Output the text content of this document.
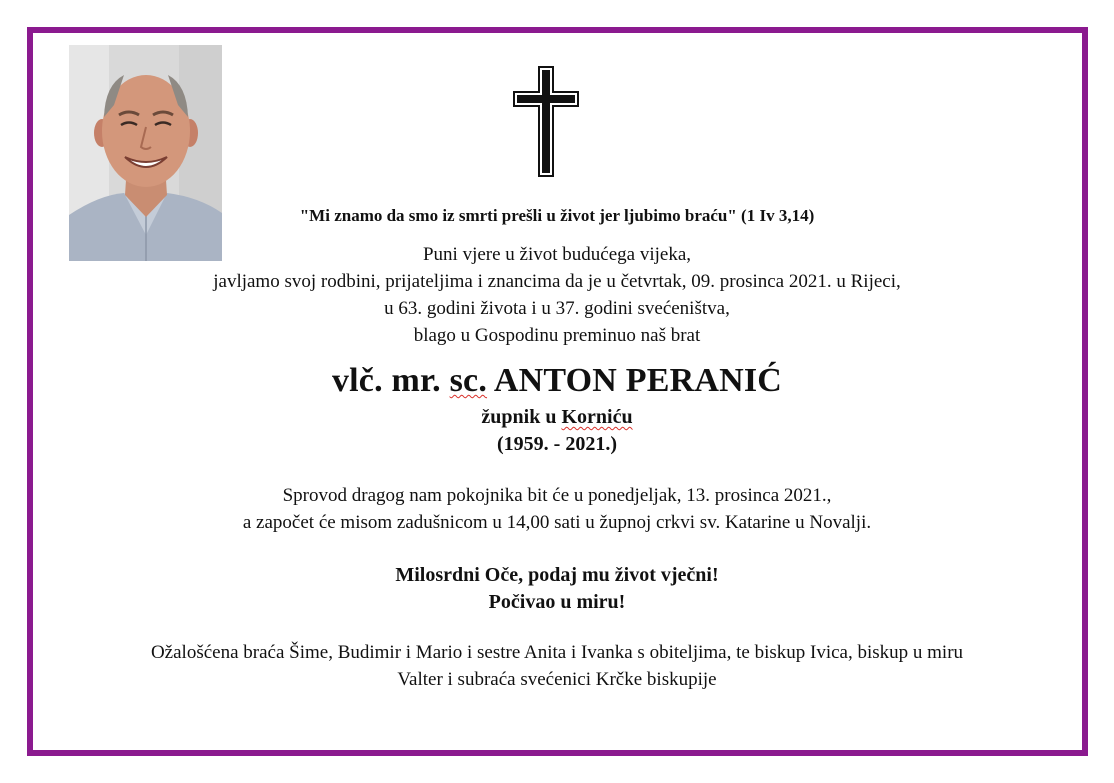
"Mi znamo da smo iz smrti prešli u život jer ljubimo braću" (1 Iv 3,14)
Puni vjere u život budućega vijeka,
javljamo svoj rodbini, prijateljima i znancima da je u četvrtak, 09. prosinca 2021. u Rijeci,
u 63. godini života i u 37. godini svećeništva,
blago u Gospodinu preminuo naš brat
vlč. mr. sc. ANTON PERANIĆ
župnik u Korniću
(1959. - 2021.)
Sprovod dragog nam pokojnika bit će u ponedjeljak, 13. prosinca 2021.,
a započet će misom zadušnicom u 14,00 sati u župnoj crkvi sv. Katarine u Novalji.
Milosrdni Oče, podaj mu život vječni!
Počivao u miru!
Ožalošćena braća Šime, Budimir i Mario i sestre Anita i Ivanka s obiteljima, te biskup Ivica, biskup u miru
Valter i subraća svećenici Krčke biskupije
